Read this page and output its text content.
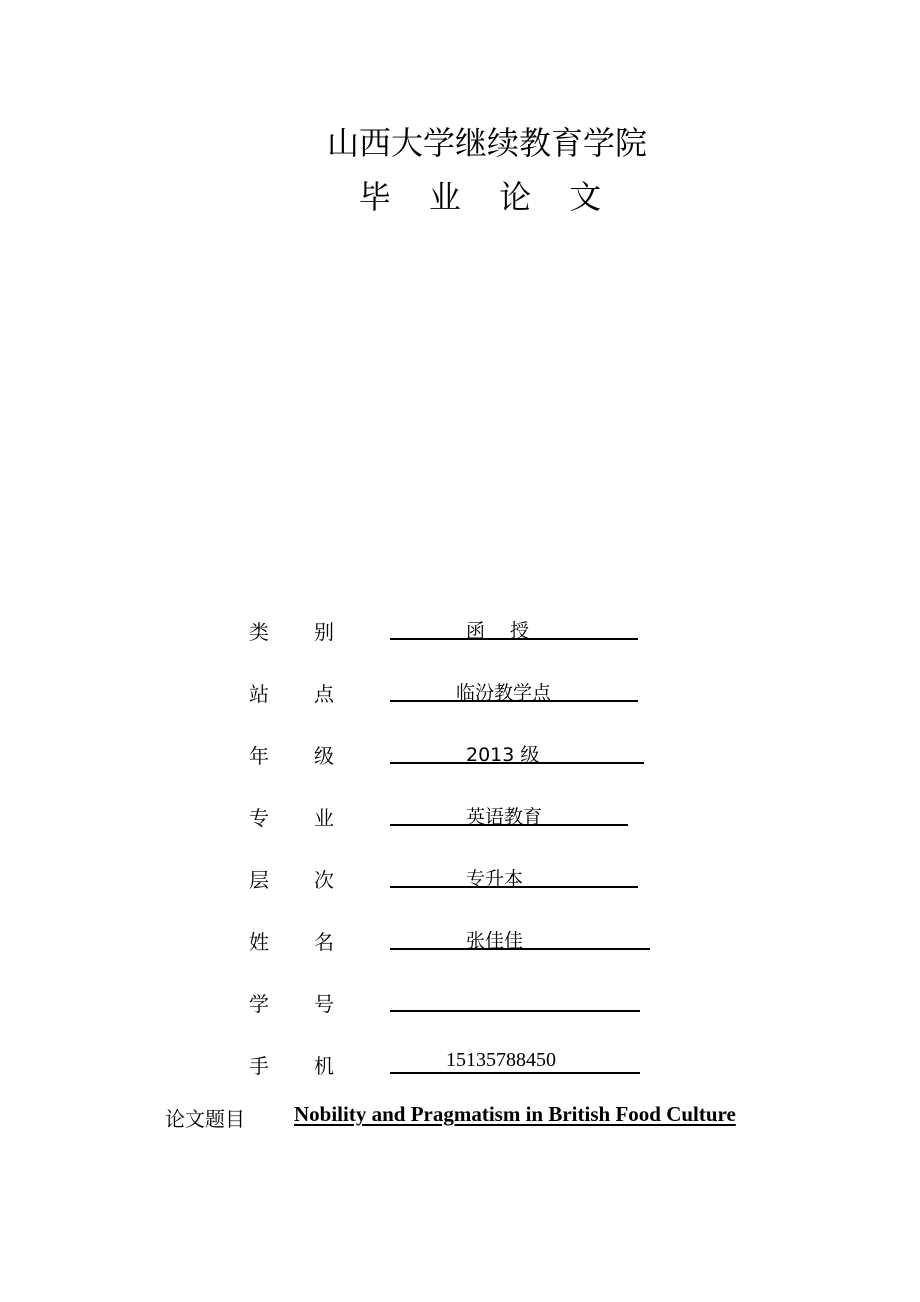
山西大学继续教育学院
毕 业 论 文
类 别	函　 授
站 点	临汾教学点
年 级	2013 级
专 业	英语教育
层 次	专升本
姓 名	张佳佳
学 号
手 机	15135788450
论文题目 Nobility and Pragmatism in British Food Culture
